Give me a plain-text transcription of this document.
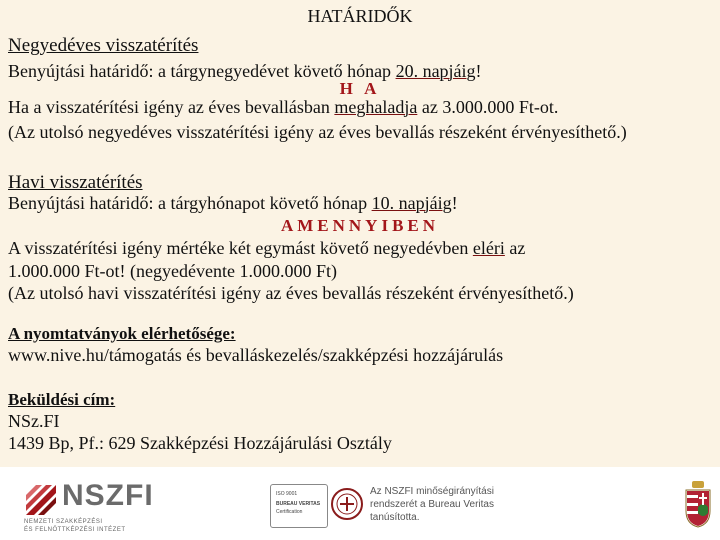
HATÁRIDŐK
Negyedéves visszatérítés
Benyújtási határidő: a tárgynegyedévet követő hónap 20. napjáig!
H A
Ha a visszatérítési igény az éves bevallásban meghaladja az 3.000.000 Ft-ot.
(Az utolsó negyedéves visszatérítési igény az éves bevallás részeként érvényesíthető.)
Havi visszatérítés
Benyújtási határidő: a tárgyhónapot követő hónap 10. napjáig!
AMENNYIBEN
A visszatérítési igény mértéke két egymást követő negyedévben eléri az
1.000.000 Ft-ot! (negyedévente 1.000.000 Ft)
(Az utolsó havi visszatérítési igény az éves bevallás részeként érvényesíthető.)
A nyomtatványok elérhetősége:
www.nive.hu/támogatás és bevalláskezelés/szakképzési hozzájárulás
Beküldési cím:
NSz.FI
1439 Bp, Pf.: 629 Szakképzési Hozzájárulási Osztály
NSZFI
NEMZETI SZAKKÉPZÉSI
ÉS FELNŐTTKÉPZÉSI INTÉZET
ISO 9001
BUREAU VERITAS
Certification
Az NSZFI minőségirányítási
rendszerét a Bureau Veritas
tanúsította.
